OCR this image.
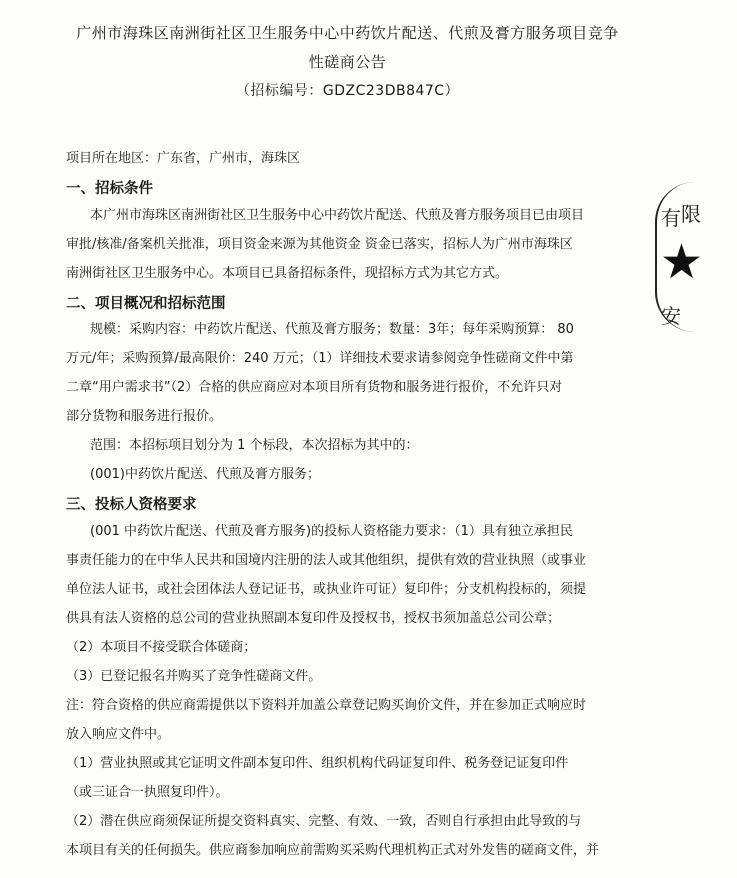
广州市海珠区南洲街社区卫生服务中心中药饮片配送、代煎及膏方服务项目竞争
性磋商公告
（招标编号：GDZC23DB847C）
项目所在地区：广东省，广州市，海珠区
一、招标条件
本广州市海珠区南洲街社区卫生服务中心中药饮片配送、代煎及膏方服务项目已由项目
审批/核准/备案机关批准，项目资金来源为其他资金 资金已落实，招标人为广州市海珠区
南洲街社区卫生服务中心。本项目已具备招标条件，现招标方式为其它方式。
二、项目概况和招标范围
规模：采购内容：中药饮片配送、代煎及膏方服务；数量：3年；每年采购预算： 80
万元/年；采购预算/最高限价：240 万元；（1）详细技术要求请参阅竞争性磋商文件中第
二章“用户需求书”（2）合格的供应商应对本项目所有货物和服务进行报价，不允许只对
部分货物和服务进行报价。
范围：本招标项目划分为 1 个标段，本次招标为其中的：
(001)中药饮片配送、代煎及膏方服务；
三、投标人资格要求
(001 中药饮片配送、代煎及膏方服务)的投标人资格能力要求：（1）具有独立承担民
事责任能力的在中华人民共和国境内注册的法人或其他组织，提供有效的营业执照（或事业
单位法人证书，或社会团体法人登记证书，或执业许可证）复印件；分支机构投标的，须提
供具有法人资格的总公司的营业执照副本复印件及授权书，授权书须加盖总公司公章；
（2）本项目不接受联合体磋商；
（3）已登记报名并购买了竞争性磋商文件。
注：符合资格的供应商需提供以下资料并加盖公章登记购买询价文件，并在参加正式响应时
放入响应文件中。
（1）营业执照或其它证明文件副本复印件、组织机构代码证复印件、税务登记证复印件
（或三证合一执照复印件）。
（2）潜在供应商须保证所提交资料真实、完整、有效、一致，否则自行承担由此导致的与
本项目有关的任何损失。供应商参加响应前需购买采购代理机构正式对外发售的磋商文件，并
有 限
★
安
